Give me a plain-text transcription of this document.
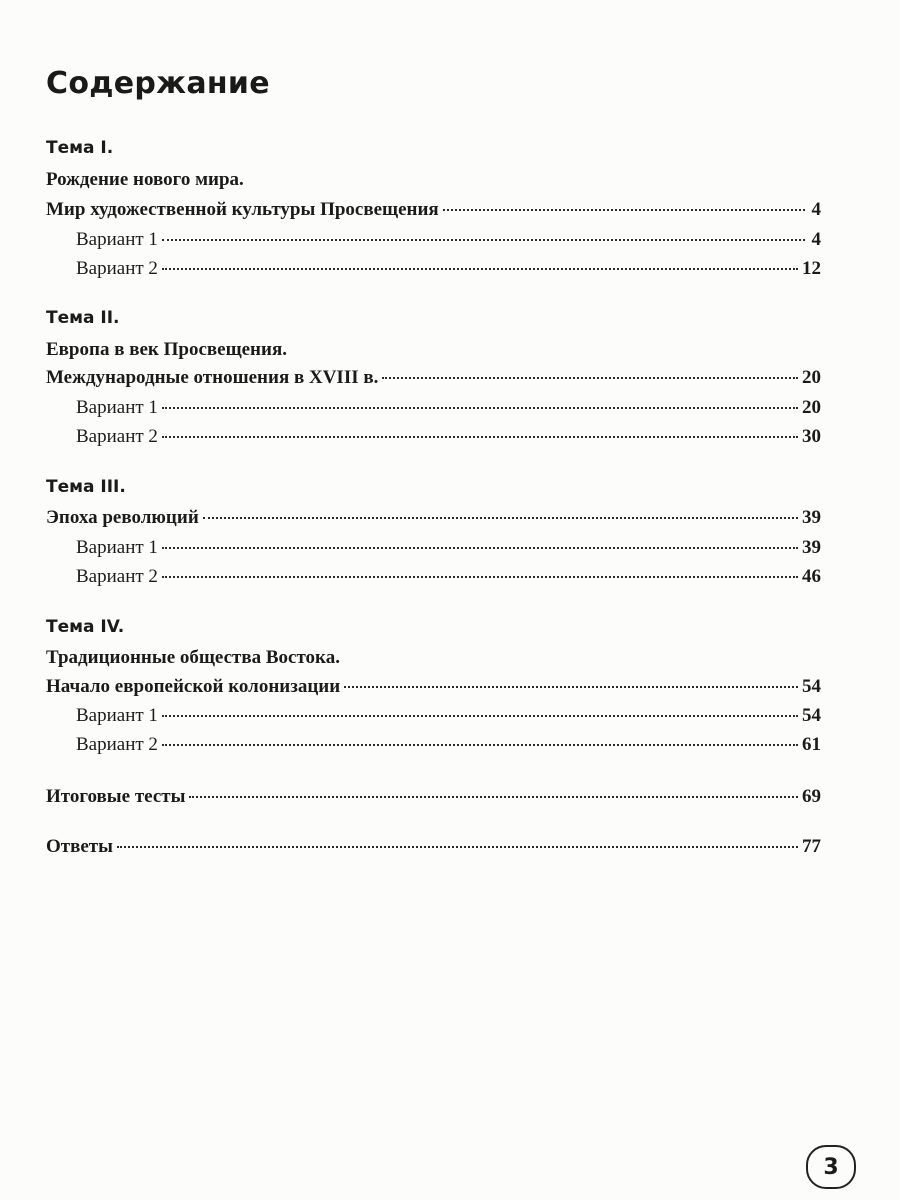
Содержание
Тема I.
Рождение нового мира.
Мир художественной культуры Просвещения	4
Вариант 1	4
Вариант 2	12
Тема II.
Европа в век Просвещения.
Международные отношения в XVIII в.	20
Вариант 1	20
Вариант 2	30
Тема III.
Эпоха революций	39
Вариант 1	39
Вариант 2	46
Тема IV.
Традиционные общества Востока.
Начало европейской колонизации	54
Вариант 1	54
Вариант 2	61
Итоговые тесты	69
Ответы	77
3
